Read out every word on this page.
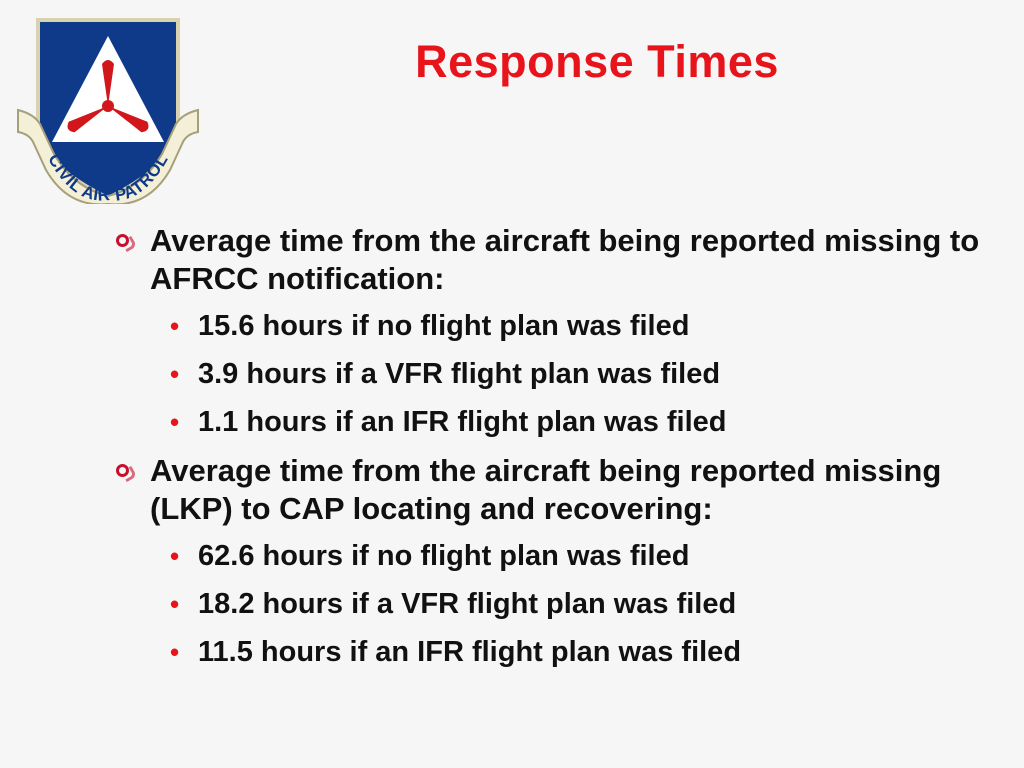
CIVIL AIR PATROL
Response Times
Average time from the aircraft being reported missing to AFRCC notification:
• 15.6 hours if no flight plan was filed
• 3.9 hours if a VFR flight plan was filed
• 1.1 hours if an IFR flight plan was filed
Average time from the aircraft being reported missing (LKP) to CAP locating and recovering:
• 62.6 hours if no flight plan was filed
• 18.2 hours if a VFR flight plan was filed
• 11.5 hours if an IFR flight plan was filed
